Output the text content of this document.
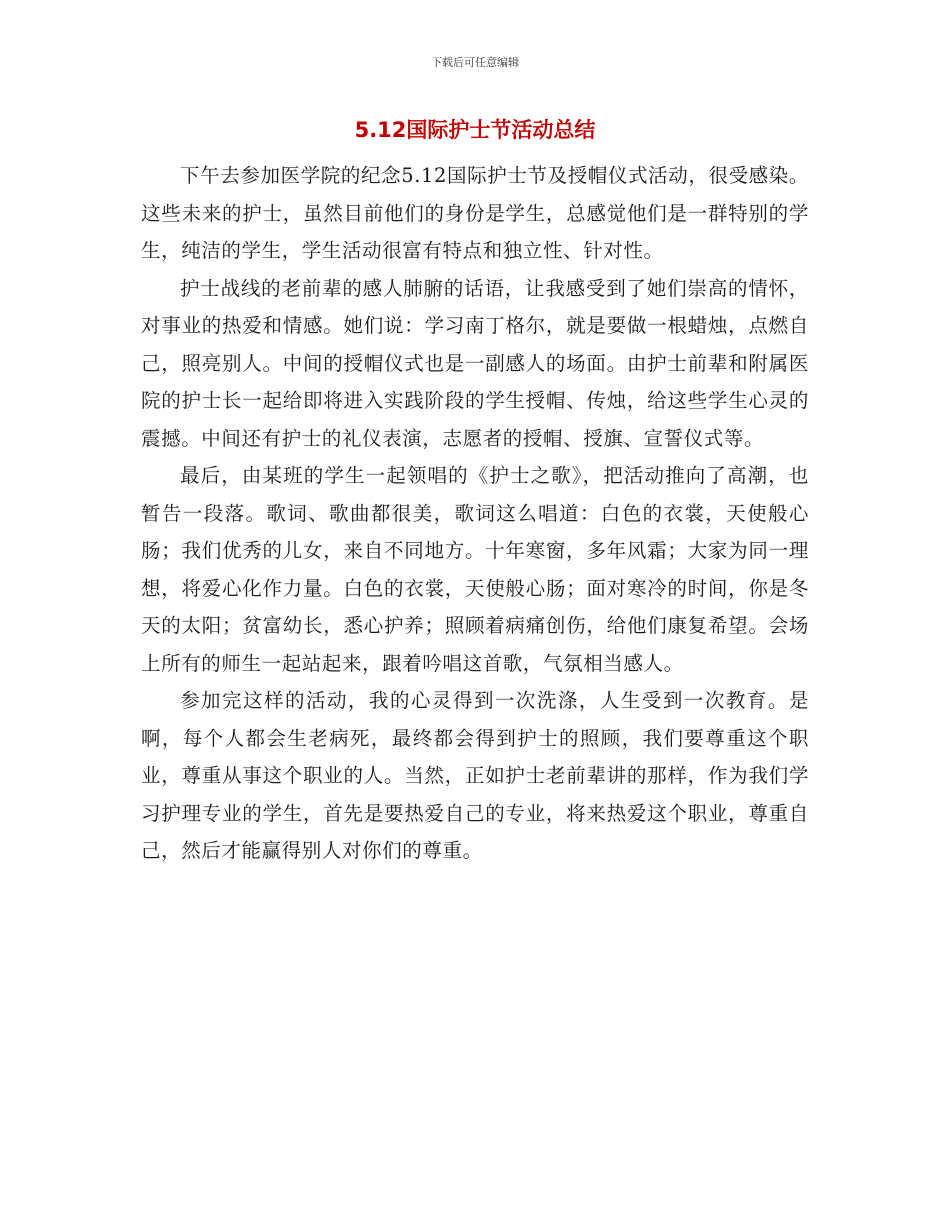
下载后可任意编辑
5.12国际护士节活动总结

下午去参加医学院的纪念5.12国际护士节及授帽仪式活动，很受感染。这些未来的护士，虽然目前他们的身份是学生，总感觉他们是一群特别的学生，纯洁的学生，学生活动很富有特点和独立性、针对性。

护士战线的老前辈的感人肺腑的话语，让我感受到了她们崇高的情怀，对事业的热爱和情感。她们说：学习南丁格尔，就是要做一根蜡烛，点燃自己，照亮别人。中间的授帽仪式也是一副感人的场面。由护士前辈和附属医院的护士长一起给即将进入实践阶段的学生授帽、传烛，给这些学生心灵的震撼。中间还有护士的礼仪表演，志愿者的授帽、授旗、宣誓仪式等。

最后，由某班的学生一起领唱的《护士之歌》，把活动推向了高潮，也暂告一段落。歌词、歌曲都很美，歌词这么唱道：白色的衣裳，天使般心肠；我们优秀的儿女，来自不同地方。十年寒窗，多年风霜；大家为同一理想，将爱心化作力量。白色的衣裳，天使般心肠；面对寒冷的时间，你是冬天的太阳；贫富幼长，悉心护养；照顾着病痛创伤，给他们康复希望。会场上所有的师生一起站起来，跟着吟唱这首歌，气氛相当感人。

参加完这样的活动，我的心灵得到一次洗涤，人生受到一次教育。是啊，每个人都会生老病死，最终都会得到护士的照顾，我们要尊重这个职业，尊重从事这个职业的人。当然，正如护士老前辈讲的那样，作为我们学习护理专业的学生，首先是要热爱自己的专业，将来热爱这个职业，尊重自己，然后才能赢得别人对你们的尊重。
